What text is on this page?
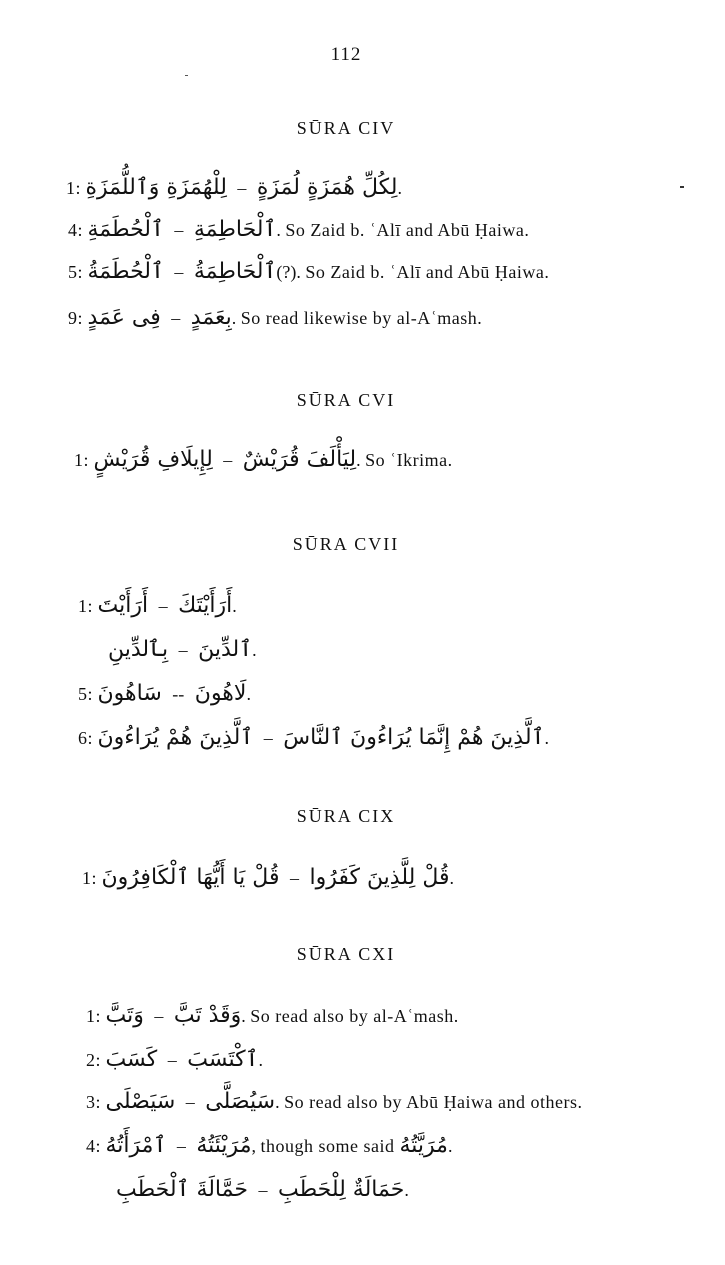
112
SŪRA CIV
1: لِلْهُمَزَةِ وَٱللُّمَزَةِ – لِكُلِّ هُمَزَةٍ لُمَزَةٍ.
4: ٱلْحُطَمَةِ – ٱلْحَاطِمَةِ. So Zaid b. ʿAlī and Abū Ḥaiwa.
5: ٱلْحُطَمَةُ – ٱلْحَاطِمَةُ(?). So Zaid b. ʿAlī and Abū Ḥaiwa.
9: فِى عَمَدٍ – بِعَمَدٍ. So read likewise by al-Aʿmash.
SŪRA CVI
1: لِإِيلَافِ قُرَيْشٍ – لِيَأْلَفَ قُرَيْشٌ. So ʿIkrima.
SŪRA CVII
1: أَرَأَيْتَ – أَرَأَيْتَكَ.
بِٱلدِّينِ – ٱلدِّينَ.
5: سَاهُونَ -- لَاهُونَ.
6: ٱلَّذِينَ هُمْ يُرَاءُونَ – ٱلَّذِينَ هُمْ إِنَّمَا يُرَاءُونَ ٱلنَّاسَ.
SŪRA CIX
1: قُلْ يَا أَيُّهَا ٱلْكَافِرُونَ – قُلْ لِلَّذِينَ كَفَرُوا.
SŪRA CXI
1: وَتَبَّ – وَقَدْ تَبَّ. So read also by al-Aʿmash.
2: كَسَبَ – ٱكْتَسَبَ.
3: سَيَصْلَى – سَيُصَلَّى. So read also by Abū Ḥaiwa and others.
4: ٱمْرَأَتُهُ – مُرَيْئَتُهُ, though some said مُرَيَّتُهُ.
حَمَّالَةَ ٱلْحَطَبِ – حَمَالَةٌ لِلْحَطَبِ.
